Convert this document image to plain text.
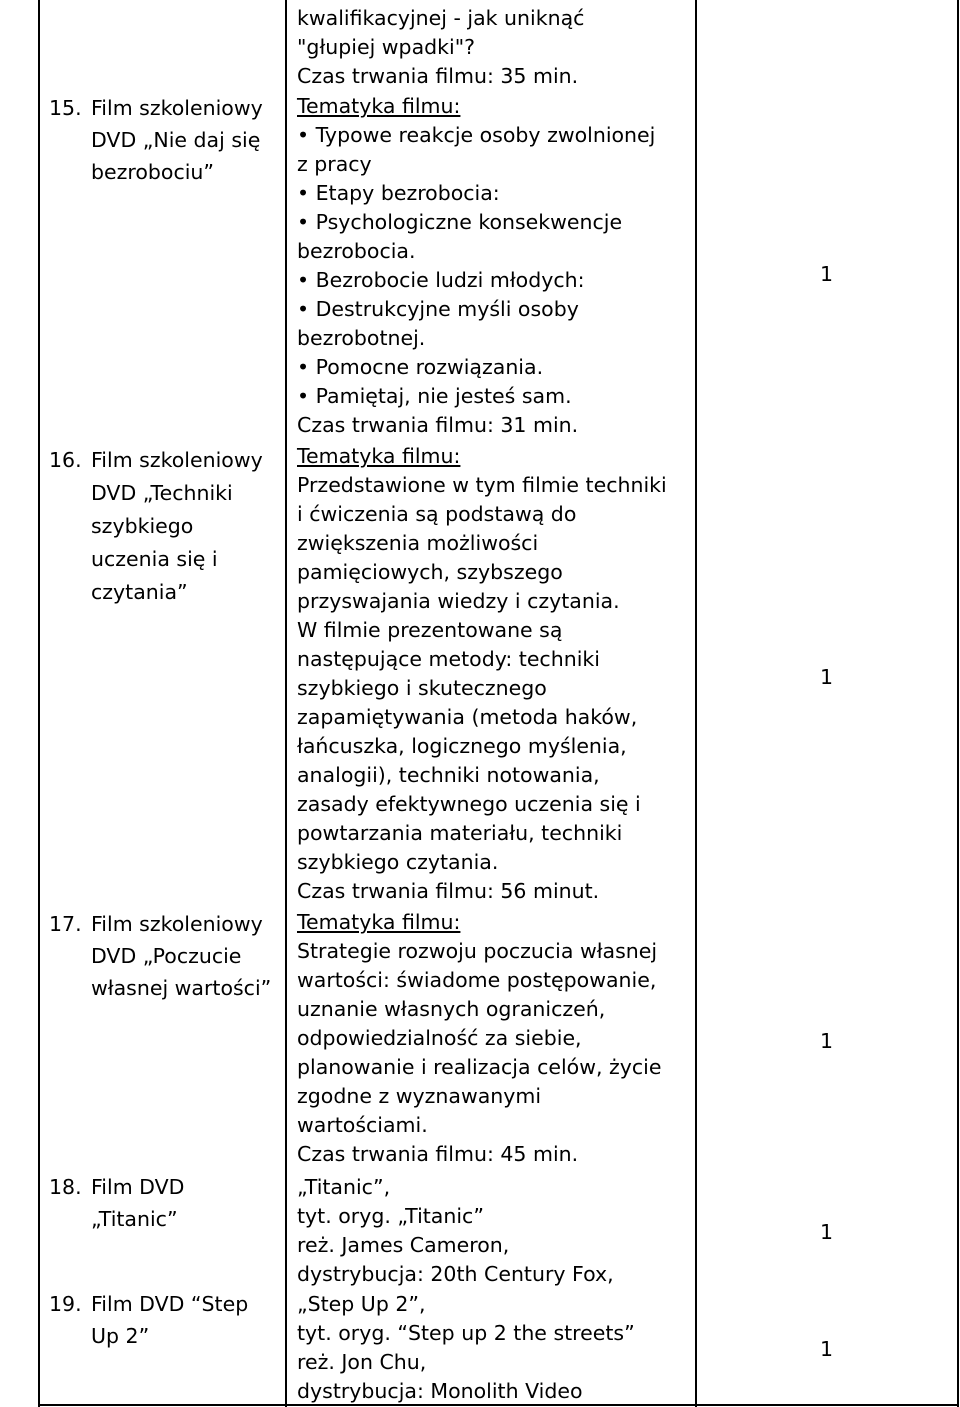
kwalifikacyjnej - jak uniknąć
"głupiej wpadki"?
Czas trwania filmu: 35 min.
15. Film szkoleniowy
DVD „Nie daj się
bezrobociu”
Tematyka filmu:
• Typowe reakcje osoby zwolnionej
z pracy
• Etapy bezrobocia:
• Psychologiczne konsekwencje
bezrobocia.
• Bezrobocie ludzi młodych:
• Destrukcyjne myśli osoby
bezrobotnej.
• Pomocne rozwiązania.
• Pamiętaj, nie jesteś sam.
Czas trwania filmu: 31 min.
1
16. Film szkoleniowy
DVD „Techniki
szybkiego
uczenia się i
czytania”
Tematyka filmu:
Przedstawione w tym filmie techniki
i ćwiczenia są podstawą do
zwiększenia możliwości
pamięciowych, szybszego
przyswajania wiedzy i czytania.
W filmie prezentowane są
następujące metody: techniki
szybkiego i skutecznego
zapamiętywania (metoda haków,
łańcuszka, logicznego myślenia,
analogii), techniki notowania,
zasady efektywnego uczenia się i
powtarzania materiału, techniki
szybkiego czytania.
Czas trwania filmu: 56 minut.
1
17. Film szkoleniowy
DVD „Poczucie
własnej wartości”
Tematyka filmu:
Strategie rozwoju poczucia własnej
wartości: świadome postępowanie,
uznanie własnych ograniczeń,
odpowiedzialność za siebie,
planowanie i realizacja celów, życie
zgodne z wyznawanymi
wartościami.
Czas trwania filmu: 45 min.
1
18. Film DVD
„Titanic”
„Titanic”,
tyt. oryg. „Titanic”
reż. James Cameron,
dystrybucja: 20th Century Fox,
1
19. Film DVD “Step
Up 2”
„Step Up 2”,
tyt. oryg. “Step up 2 the streets”
reż. Jon Chu,
dystrybucja: Monolith Video
1
